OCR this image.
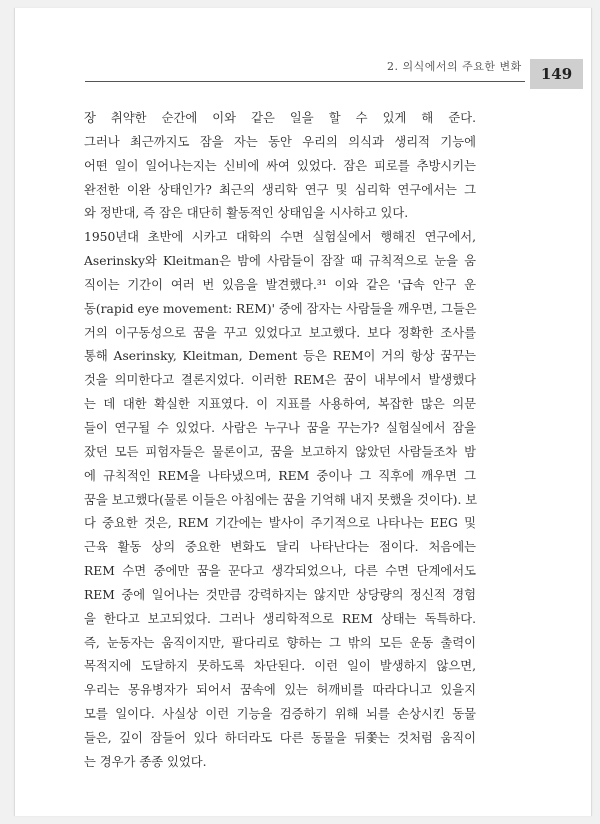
2. 의식에서의 주요한 변화	149
장 취약한 순간에 이와 같은 일을 할 수 있게 해 준다.
그러나 최근까지도 잠을 자는 동안 우리의 의식과 생리적 기능에
어떤 일이 일어나는지는 신비에 싸여 있었다. 잠은 피로를 추방시키는
완전한 이완 상태인가? 최근의 생리학 연구 및 심리학 연구에서는 그
와 정반대, 즉 잠은 대단히 활동적인 상태임을 시사하고 있다.
1950년대 초반에 시카고 대학의 수면 실험실에서 행해진 연구에서,
Aserinsky와 Kleitman은 밤에 사람들이 잠잘 때 규칙적으로 눈을 움
직이는 기간이 여러 번 있음을 발견했다.³¹ 이와 같은 '급속 안구 운
동(rapid eye movement: REM)' 중에 잠자는 사람들을 깨우면, 그들은
거의 이구동성으로 꿈을 꾸고 있었다고 보고했다. 보다 정확한 조사를
통해 Aserinsky, Kleitman, Dement 등은 REM이 거의 항상 꿈꾸는
것을 의미한다고 결론지었다. 이러한 REM은 꿈이 내부에서 발생했다
는 데 대한 확실한 지표였다. 이 지표를 사용하여, 복잡한 많은 의문
들이 연구될 수 있었다. 사람은 누구나 꿈을 꾸는가? 실험실에서 잠을
잤던 모든 피험자들은 물론이고, 꿈을 보고하지 않았던 사람들조차 밤
에 규칙적인 REM을 나타냈으며, REM 중이나 그 직후에 깨우면 그
꿈을 보고했다(물론 이들은 아침에는 꿈을 기억해 내지 못했을 것이다). 보
다 중요한 것은, REM 기간에는 발사이 주기적으로 나타나는 EEG 및
근육 활동 상의 중요한 변화도 달리 나타난다는 점이다. 처음에는
REM 수면 중에만 꿈을 꾼다고 생각되었으나, 다른 수면 단계에서도
REM 중에 일어나는 것만큼 강력하지는 않지만 상당량의 정신적 경험
을 한다고 보고되었다. 그러나 생리학적으로 REM 상태는 독특하다.
즉, 눈동자는 움직이지만, 팔다리로 향하는 그 밖의 모든 운동 출력이
목적지에 도달하지 못하도록 차단된다. 이런 일이 발생하지 않으면,
우리는 몽유병자가 되어서 꿈속에 있는 허깨비를 따라다니고 있을지
모를 일이다. 사실상 이런 기능을 검증하기 위해 뇌를 손상시킨 동물
들은, 깊이 잠들어 있다 하더라도 다른 동물을 뒤쫓는 것처럼 움직이
는 경우가 종종 있었다.
